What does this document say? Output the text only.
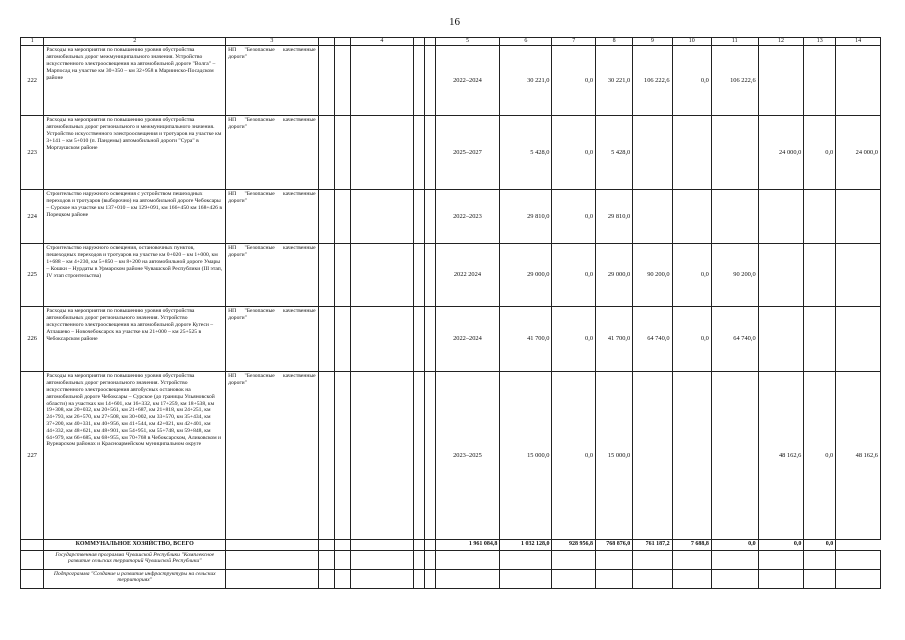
16
1	2	3			4			5	6	7	8	9	10	11	12	13	14
222	Расходы на мероприятия по повышению уровня обустройства автомобильных дорог межмуниципального значения. Устройство искусственного электроосвещения на автомобильной дороге "Волга" – Марпосад на участке км 30+350 – км 32+958 в Мариинско-Посадском районе	НП "Безопасные качественные дороги"						2022–2024	30 221,0	0,0	30 221,0	106 222,6	0,0	106 222,6			
223	Расходы на мероприятия по повышению уровня обустройства автомобильных дорог регионального и межмуниципального значения. Устройство искусственного электроосвещения и тротуаров на участке км 3+141 – км 5+010 (п. Пандемы) автомобильной дороги "Сура" в Моргаушском районе	НП "Безопасные качественные дороги"						2025–2027	5 428,0	0,0	5 428,0				24 000,0	0,0	24 000,0
224	Строительство наружного освещения с устройством пешеходных переходов и тротуаров (выборочно) на автомобильной дороге Чебоксары – Сурское на участке км 137+010 – км 129+091, км 166+450 км 168+426 в Порецком районе	НП "Безопасные качественные дороги"						2022–2023	29 810,0	0,0	29 810,0						
225	Строительство наружного освещения, остановочных пунктов, пешеходных переходов и тротуаров на участке км 0+020 – км 1+000, км 1+688 – км 4+230, км 5+850 – км 8+200 на автомобильной дороге Умары – Кошки – Нурдаты в Урмарском районе Чувашской Республики (III этап, IV этап строительства)	НП "Безопасные качественные дороги"						2022 2024	29 000,0	0,0	29 000,0	90 200,0	0,0	90 200,0			
226	Расходы на мероприятия по повышению уровня обустройства автомобильных дорог регионального значения. Устройство искусственного электроосвещения на автомобильной дороге Кугеси – Атлашево – Новочебоксарск на участке км 21+000 – км 25+525 в Чебоксарском районе	НП "Безопасные качественные дороги"						2022–2024	41 700,0	0,0	41 700,0	64 740,0	0,0	64 740,0			
227	Расходы на мероприятия по повышению уровня обустройства автомобильных дорог регионального значения. Устройство искусственного электроосвещения автобусных остановок на автомобильной дороге Чебоксары – Сурское (до границы Ульяновской области) на участках км 14+601, км 16+332, км 17+259, км 18+538, км 19+308, км 20+032, км 20+561, км 21+687, км 21+818, км 24+251, км 24+793, км 26+570, км 27+508, км 30+002, км 33+570, км 35+434, км 37+200, км 40+331, км 40+956, км 41+544, км 42+021, км 42+401, км 44+332, км 48+621, км 48+901, км 54+951, км 55+748, км 59+848, км 64+979, км 66+685, км 68+955, км 70+768 в Чебоксарском, Аликовском и Вурнарском районах и Красноармейском муниципальном округе	НП "Безопасные качественные дороги"						2023–2025	15 000,0	0,0	15 000,0				48 162,6	0,0	48 162,6
	КОММУНАЛЬНОЕ ХОЗЯЙСТВО, ВСЕГО							1 961 084,8	1 032 128,0	928 956,8	768 876,0	761 187,2	7 688,8	0,0	0,0	0,0	
	Государственная программа Чувашской Республики "Комплексное развитие сельских территорий Чувашской Республики"																
	Подпрограмма "Создание и развитие инфраструктуры на сельских территориях"																
